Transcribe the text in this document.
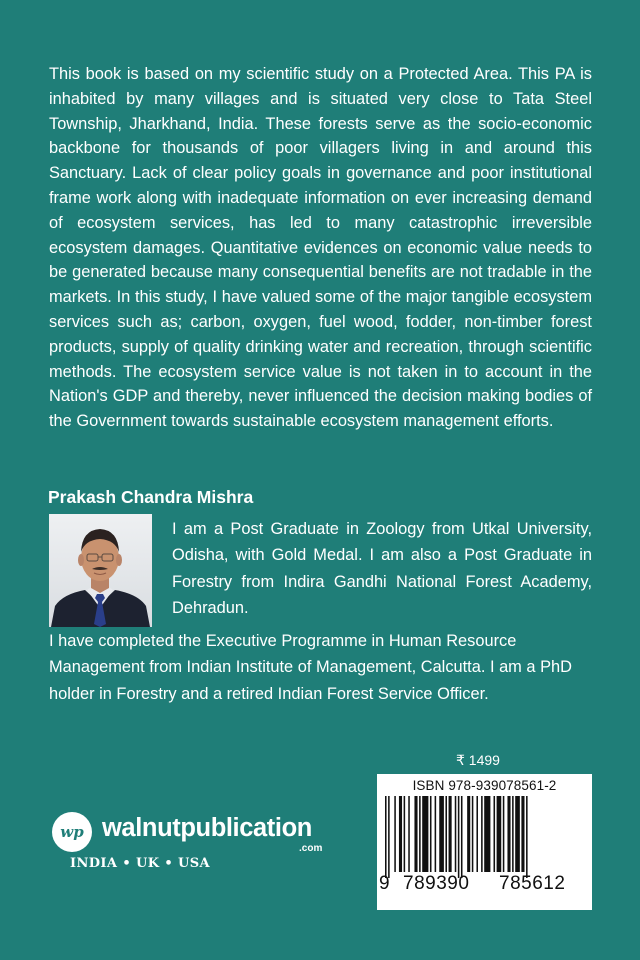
This book is based on my scientific study on a Protected Area. This PA is inhabited by many villages and is situated very close to Tata Steel Township, Jharkhand, India. These forests serve as the socio-economic backbone for thousands of poor villagers living in and around this Sanctuary. Lack of clear policy goals in governance and poor institutional frame work along with inadequate information on ever increasing demand of ecosystem services, has led to many catastrophic irreversible ecosystem damages. Quantitative evidences on economic value needs to be generated because many consequential benefits are not tradable in the markets. In this study, I have valued some of the major tangible ecosystem services such as; carbon, oxygen, fuel wood, fodder, non-timber forest products, supply of quality drinking water and recreation, through scientific methods. The ecosystem service value is not taken in to account in the Nation's GDP and thereby, never influenced the decision making bodies of the Government towards sustainable ecosystem management efforts.

Prakash Chandra Mishra

I am a Post Graduate in Zoology from Utkal University, Odisha, with Gold Medal. I am also a Post Graduate in Forestry from Indira Gandhi National Forest Academy, Dehradun.

I have completed the Executive Programme in Human Resource Management from Indian Institute of Management, Calcutta. I am a PhD holder in Forestry and a retired Indian Forest Service Officer.

₹ 1499

ISBN 978-939078561-2
9 789390 785612
wp walnutpublication
.com
INDIA • UK • USA
